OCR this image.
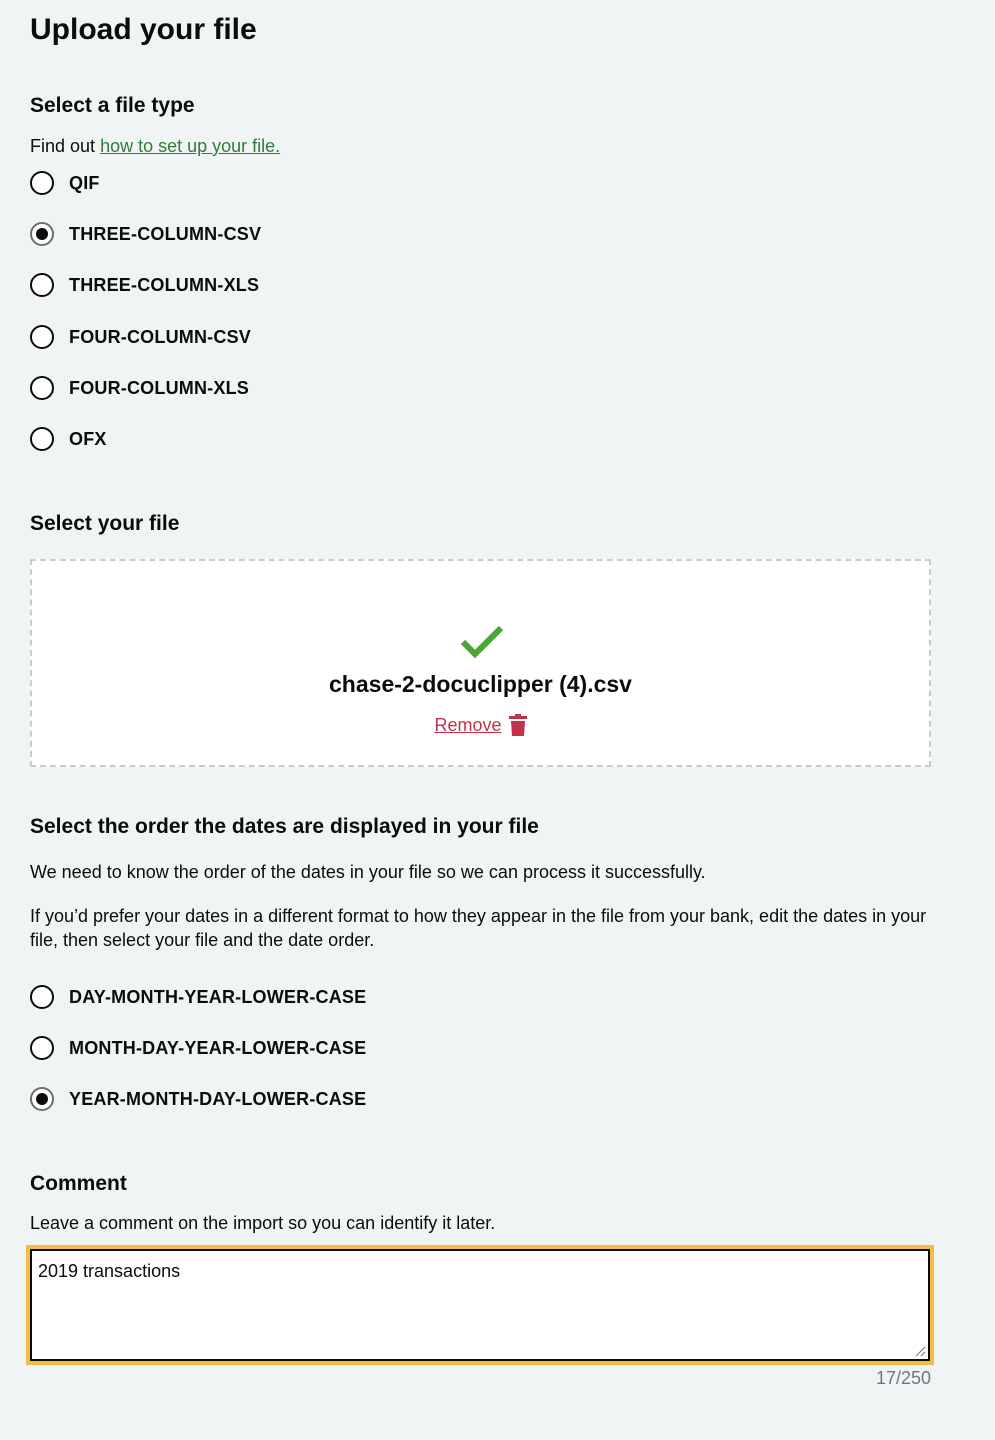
Upload your file
Select a file type

Find out how to set up your file.

QIF
THREE-COLUMN-CSV
THREE-COLUMN-XLS
FOUR-COLUMN-CSV
FOUR-COLUMN-XLS
OFX
Select your file
chase-2-docuclipper (4).csv
Remove
Select the order the dates are displayed in your file

We need to know the order of the dates in your file so we can process it successfully.

If you’d prefer your dates in a different format to how they appear in the file from your bank, edit the dates in your file, then select your file and the date order.

DAY-MONTH-YEAR-LOWER-CASE
MONTH-DAY-YEAR-LOWER-CASE
YEAR-MONTH-DAY-LOWER-CASE
Comment

Leave a comment on the import so you can identify it later.

2019 transactions
17/250
